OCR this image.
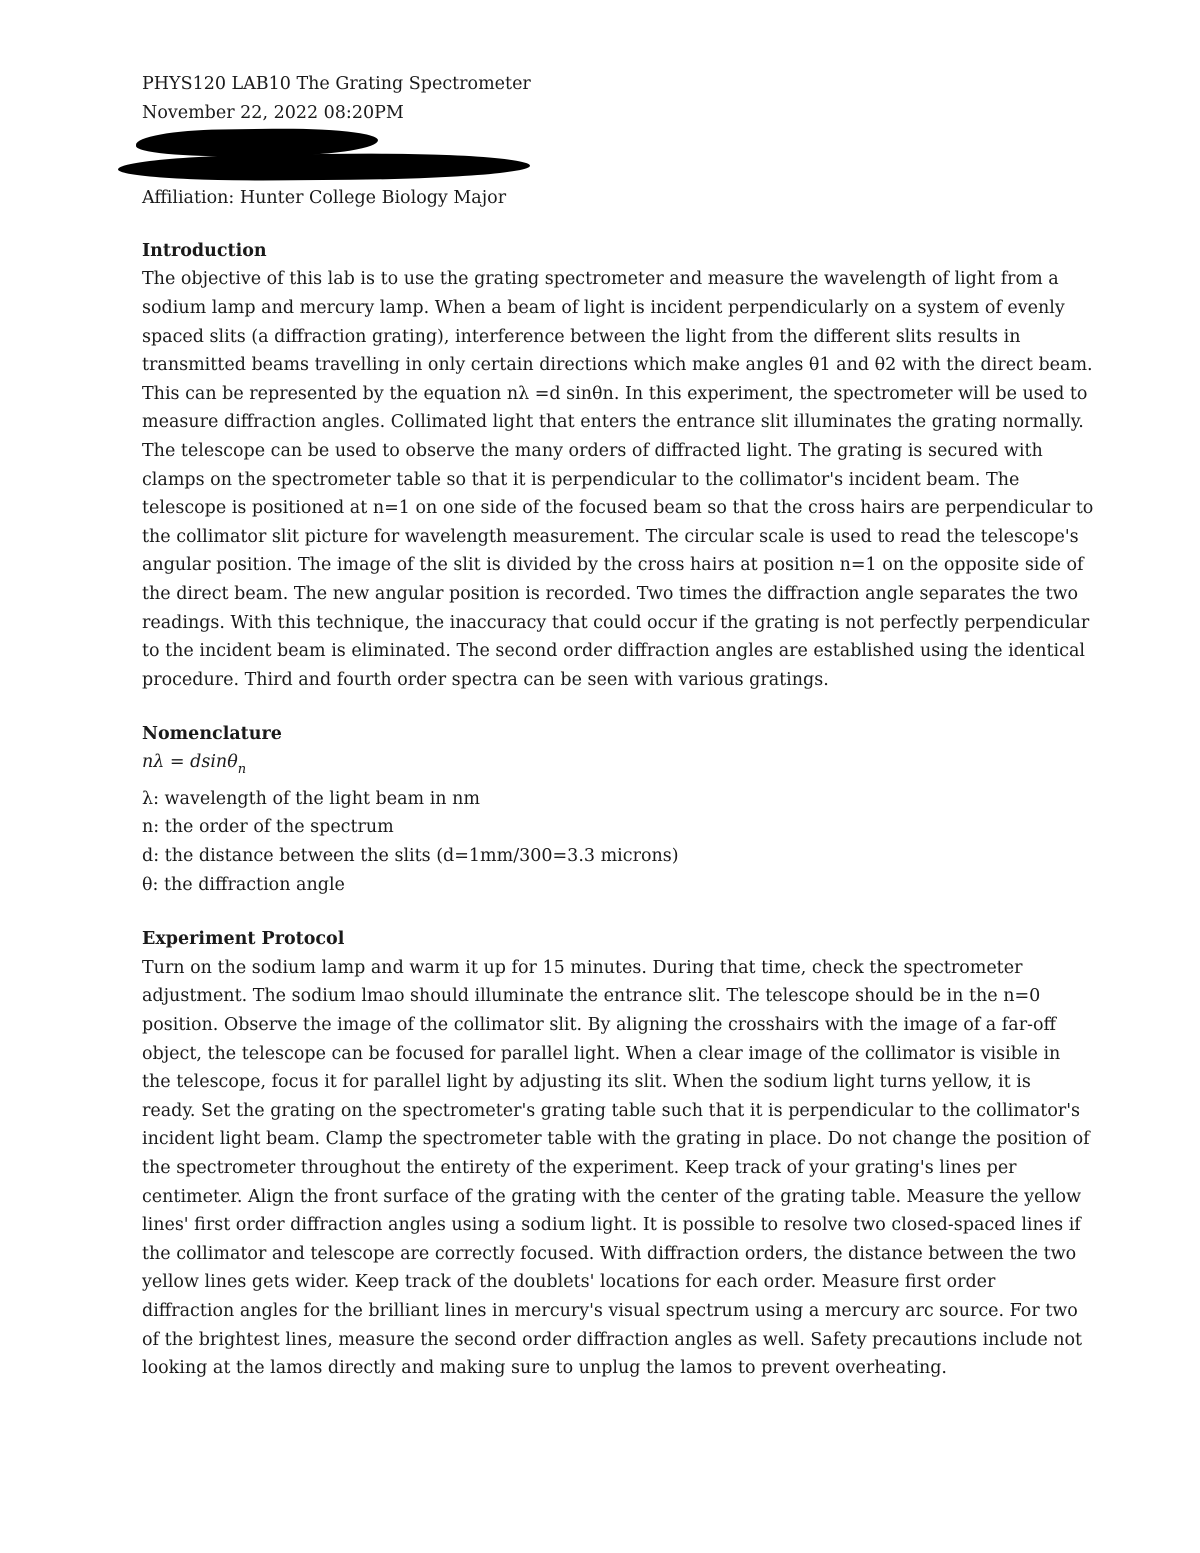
PHYS120 LAB10 The Grating Spectrometer
November 22, 2022 08:20PM
Affiliation: Hunter College Biology Major
Introduction
The objective of this lab is to use the grating spectrometer and measure the wavelength of light from a
sodium lamp and mercury lamp. When a beam of light is incident perpendicularly on a system of evenly
spaced slits (a diffraction grating), interference between the light from the different slits results in
transmitted beams travelling in only certain directions which make angles θ1 and θ2 with the direct beam.
This can be represented by the equation nλ =d sinθn. In this experiment, the spectrometer will be used to
measure diffraction angles. Collimated light that enters the entrance slit illuminates the grating normally.
The telescope can be used to observe the many orders of diffracted light. The grating is secured with
clamps on the spectrometer table so that it is perpendicular to the collimator's incident beam. The
telescope is positioned at n=1 on one side of the focused beam so that the cross hairs are perpendicular to
the collimator slit picture for wavelength measurement. The circular scale is used to read the telescope's
angular position. The image of the slit is divided by the cross hairs at position n=1 on the opposite side of
the direct beam. The new angular position is recorded. Two times the diffraction angle separates the two
readings. With this technique, the inaccuracy that could occur if the grating is not perfectly perpendicular
to the incident beam is eliminated. The second order diffraction angles are established using the identical
procedure. Third and fourth order spectra can be seen with various gratings.
Nomenclature
nλ = dsinθ$_n$
λ: wavelength of the light beam in nm
n: the order of the spectrum
d: the distance between the slits (d=1mm/300=3.3 microns)
θ: the diffraction angle
Experiment Protocol
Turn on the sodium lamp and warm it up for 15 minutes. During that time, check the spectrometer
adjustment. The sodium lmao should illuminate the entrance slit. The telescope should be in the n=0
position. Observe the image of the collimator slit. By aligning the crosshairs with the image of a far-off
object, the telescope can be focused for parallel light. When a clear image of the collimator is visible in
the telescope, focus it for parallel light by adjusting its slit. When the sodium light turns yellow, it is
ready. Set the grating on the spectrometer's grating table such that it is perpendicular to the collimator's
incident light beam. Clamp the spectrometer table with the grating in place. Do not change the position of
the spectrometer throughout the entirety of the experiment. Keep track of your grating's lines per
centimeter. Align the front surface of the grating with the center of the grating table. Measure the yellow
lines' first order diffraction angles using a sodium light. It is possible to resolve two closed-spaced lines if
the collimator and telescope are correctly focused. With diffraction orders, the distance between the two
yellow lines gets wider. Keep track of the doublets' locations for each order. Measure first order
diffraction angles for the brilliant lines in mercury's visual spectrum using a mercury arc source. For two
of the brightest lines, measure the second order diffraction angles as well. Safety precautions include not
looking at the lamos directly and making sure to unplug the lamos to prevent overheating.
